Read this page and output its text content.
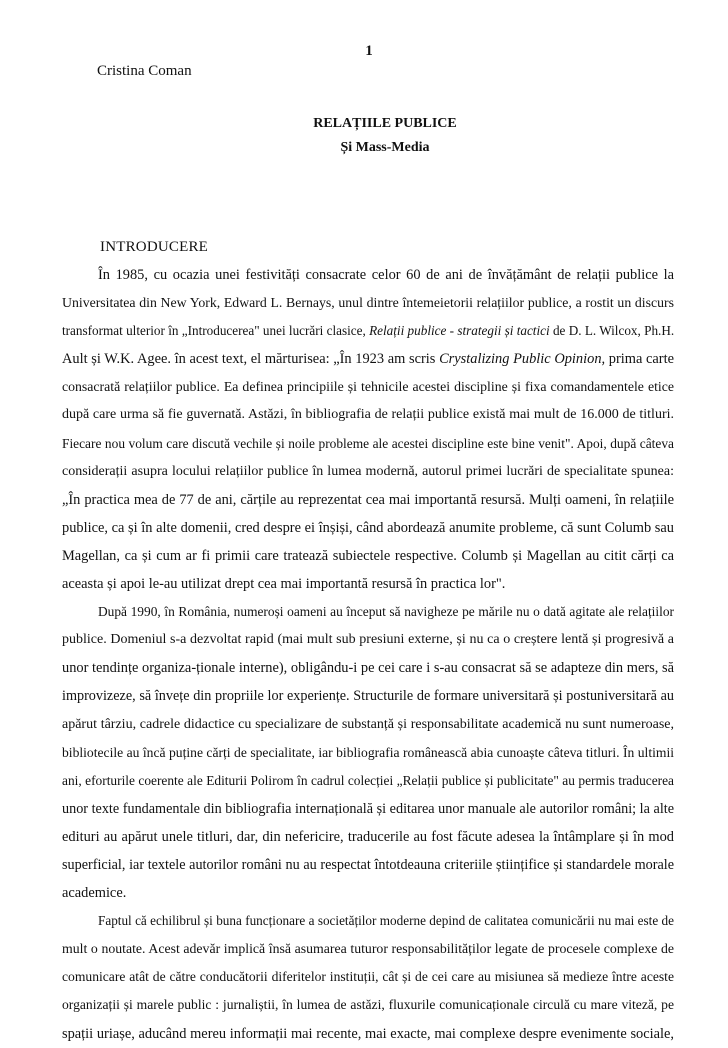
1
Cristina Coman
RELAȚIILE PUBLICE
Și Mass-Media
INTRODUCERE
În 1985, cu ocazia unei festivități consacrate celor 60 de ani de învățământ de relații publice la
Universitatea din New York, Edward L. Bernays, unul dintre întemeietorii relațiilor publice, a rostit un discurs
transformat ulterior în „Introducerea" unei lucrări clasice, Relații publice - strategii și tactici de D. L. Wilcox, Ph.H.
Ault și W.K. Agee. în acest text, el mărturisea: „În 1923 am scris Crystalizing Public Opinion, prima carte
consacrată relațiilor publice. Ea definea principiile și tehnicile acestei discipline și fixa comandamentele etice
după care urma să fie guvernată. Astăzi, în bibliografia de relații publice există mai mult de 16.000 de titluri.
Fiecare nou volum care discută vechile și noile probleme ale acestei discipline este bine venit". Apoi, după câteva
considerații asupra locului relațiilor publice în lumea modernă, autorul primei lucrări de specialitate spunea:
„În practica mea de 77 de ani, cărțile au reprezentat cea mai importantă resursă. Mulți oameni, în relațiile
publice, ca și în alte domenii, cred despre ei înșiși, când abordează anumite probleme, că sunt Columb sau
Magellan, ca și cum ar fi primii care tratează subiectele respective. Columb și Magellan au citit cărți ca
aceasta și apoi le-au utilizat drept cea mai importantă resursă în practica lor".
După 1990, în România, numeroși oameni au început să navigheze pe mările nu o dată agitate ale relațiilor
publice. Domeniul s-a dezvoltat rapid (mai mult sub presiuni externe, și nu ca o creștere lentă și progresivă a
unor tendințe organiza-ționale interne), obligându-i pe cei care i s-au consacrat să se adapteze din mers, să
improvizeze, să învețe din propriile lor experiențe. Structurile de formare universitară și postuniversitară au
apărut târziu, cadrele didactice cu specializare de substanță și responsabilitate academică nu sunt numeroase,
bibliotecile au încă puține cărți de specialitate, iar bibliografia românească abia cunoaște câteva titluri. În ultimii
ani, eforturile coerente ale Editurii Polirom în cadrul colecției „Relații publice și publicitate" au permis traducerea
unor texte fundamentale din bibliografia internațională și editarea unor manuale ale autorilor români; la alte
edituri au apărut unele titluri, dar, din nefericire, traducerile au fost făcute adesea la întâmplare și în mod
superficial, iar textele autorilor români nu au respectat întotdeauna criteriile științifice și standardele morale
academice.
Faptul că echilibrul și buna funcționare a societăților moderne depind de calitatea comunicării nu mai este de
mult o noutate. Acest adevăr implică însă asumarea tuturor responsabilităților legate de procesele complexe de
comunicare atât de către conducătorii diferitelor instituții, cât și de cei care au misiunea să medieze între aceste
organizații și marele public : jurnaliștii, în lumea de astăzi, fluxurile comunicaționale circulă cu mare viteză, pe
spații uriașe, aducând mereu informații mai recente, mai exacte, mai complexe despre evenimente sociale,
